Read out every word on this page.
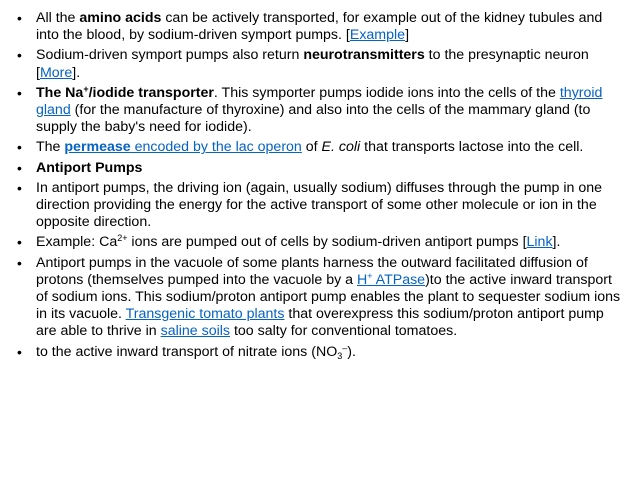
• All the amino acids can be actively transported, for example out of the kidney tubules and into the blood, by sodium-driven symport pumps. [Example]
• Sodium-driven symport pumps also return neurotransmitters to the presynaptic neuron [More].
• The Na+/iodide transporter. This symporter pumps iodide ions into the cells of the thyroid gland (for the manufacture of thyroxine) and also into the cells of the mammary gland (to supply the baby's need for iodide).
• The permease encoded by the lac operon of E. coli that transports lactose into the cell.
• Antiport Pumps
• In antiport pumps, the driving ion (again, usually sodium) diffuses through the pump in one direction providing the energy for the active transport of some other molecule or ion in the opposite direction.
• Example: $Ca^{2+}$ ions are pumped out of cells by sodium-driven antiport pumps [Link].
• Antiport pumps in the vacuole of some plants harness the outward facilitated diffusion of protons (themselves pumped into the vacuole by a H+ ATPase)to the active inward transport of sodium ions. This sodium/proton antiport pump enables the plant to sequester sodium ions in its vacuole. Transgenic tomato plants that overexpress this sodium/proton antiport pump are able to thrive in saline soils too salty for conventional tomatoes.
• to the active inward transport of nitrate ions $(NO_3^-)$.
